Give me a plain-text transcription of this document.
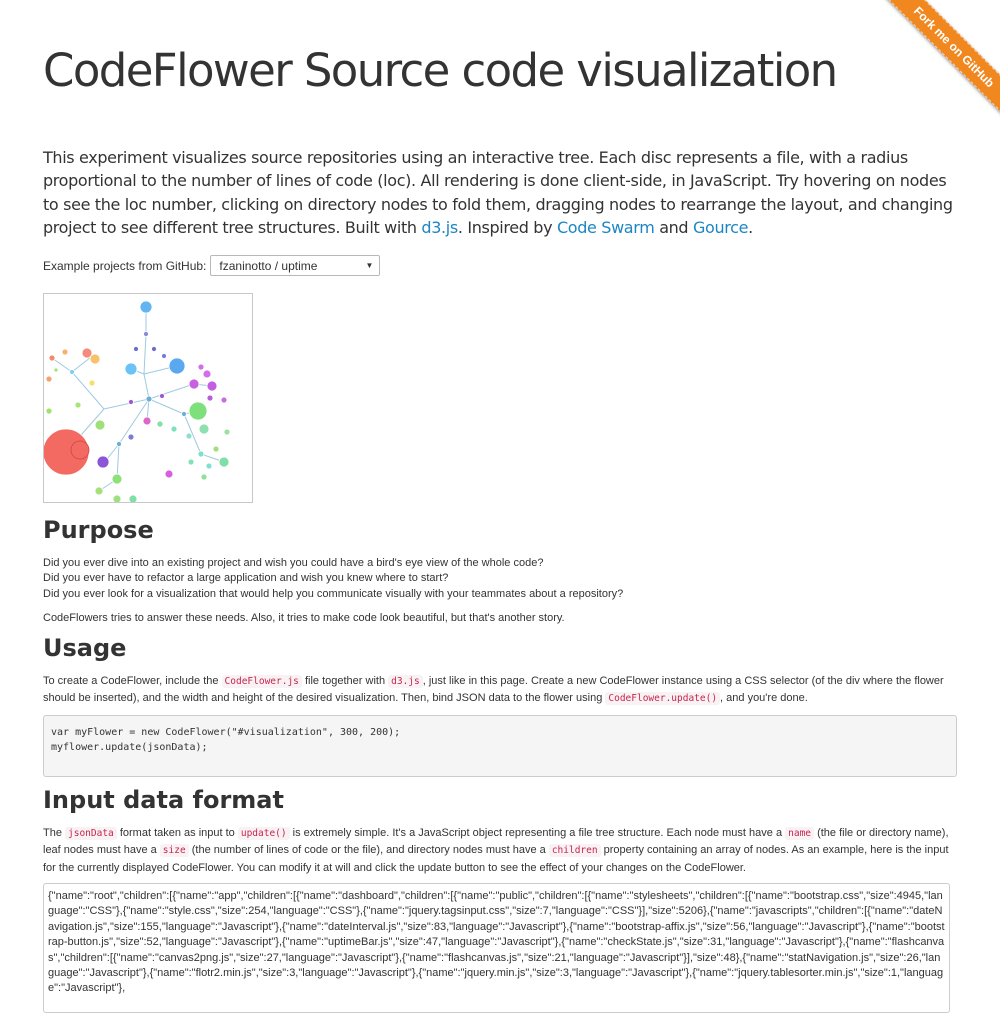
Fork me on GitHub
CodeFlower Source code visualization

This experiment visualizes source repositories using an interactive tree. Each disc represents a file, with a radius proportional to the number of lines of code (loc). All rendering is done client-side, in JavaScript. Try hovering on nodes to see the loc number, clicking on directory nodes to fold them, dragging nodes to rearrange the layout, and changing project to see different tree structures. Built with d3.js. Inspired by Code Swarm and Gource.

Example projects from GitHub: fzaninotto / uptime	▼
Purpose

Did you ever dive into an existing project and wish you could have a bird's eye view of the whole code?
Did you ever have to refactor a large application and wish you knew where to start?
Did you ever look for a visualization that would help you communicate visually with your teammates about a repository?

CodeFlowers tries to answer these needs. Also, it tries to make code look beautiful, but that's another story.

Usage

To create a CodeFlower, include the CodeFlower.js file together with d3.js , just like in this page. Create a new CodeFlower instance using a CSS selector (of the div where the flower should be inserted), and the width and height of the desired visualization. Then, bind JSON data to the flower using CodeFlower.update() , and you're done.

var myFlower = new CodeFlower("#visualization", 300, 200);
myflower.update(jsonData);
Input data format

The jsonData format taken as input to update() is extremely simple. It's a JavaScript object representing a file tree structure. Each node must have a name (the file or directory name), leaf nodes must have a size (the number of lines of code or the file), and directory nodes must have a children property containing an array of nodes. As an example, here is the input for the currently displayed CodeFlower. You can modify it at will and click the update button to see the effect of your changes on the CodeFlower.

{"name":"root","children":[{"name":"app","children":[{"name":"dashboard","children":[{"name":"public","children":[{"name":"stylesheets","children":[{"name":"bootstrap.css","size":4945,"language":"CSS"},{"name":"style.css","size":254,"language":"CSS"},{"name":"jquery.tagsinput.css","size":7,"language":"CSS"}],"size":5206},{"name":"javascripts","children":[{"name":"dateNavigation.js","size":155,"language":"Javascript"},{"name":"dateInterval.js","size":83,"language":"Javascript"},{"name":"bootstrap-affix.js","size":56,"language":"Javascript"},{"name":"bootstrap-button.js","size":52,"language":"Javascript"},{"name":"uptimeBar.js","size":47,"language":"Javascript"},{"name":"checkState.js","size":31,"language":"Javascript"},{"name":"flashcanvas","children":[{"name":"canvas2png.js","size":27,"language":"Javascript"},{"name":"flashcanvas.js","size":21,"language":"Javascript"}],"size":48},{"name":"statNavigation.js","size":26,"language":"Javascript"},{"name":"flotr2.min.js","size":3,"language":"Javascript"},{"name":"jquery.min.js","size":3,"language":"Javascript"},{"name":"jquery.tablesorter.min.js","size":1,"language":"Javascript"},
